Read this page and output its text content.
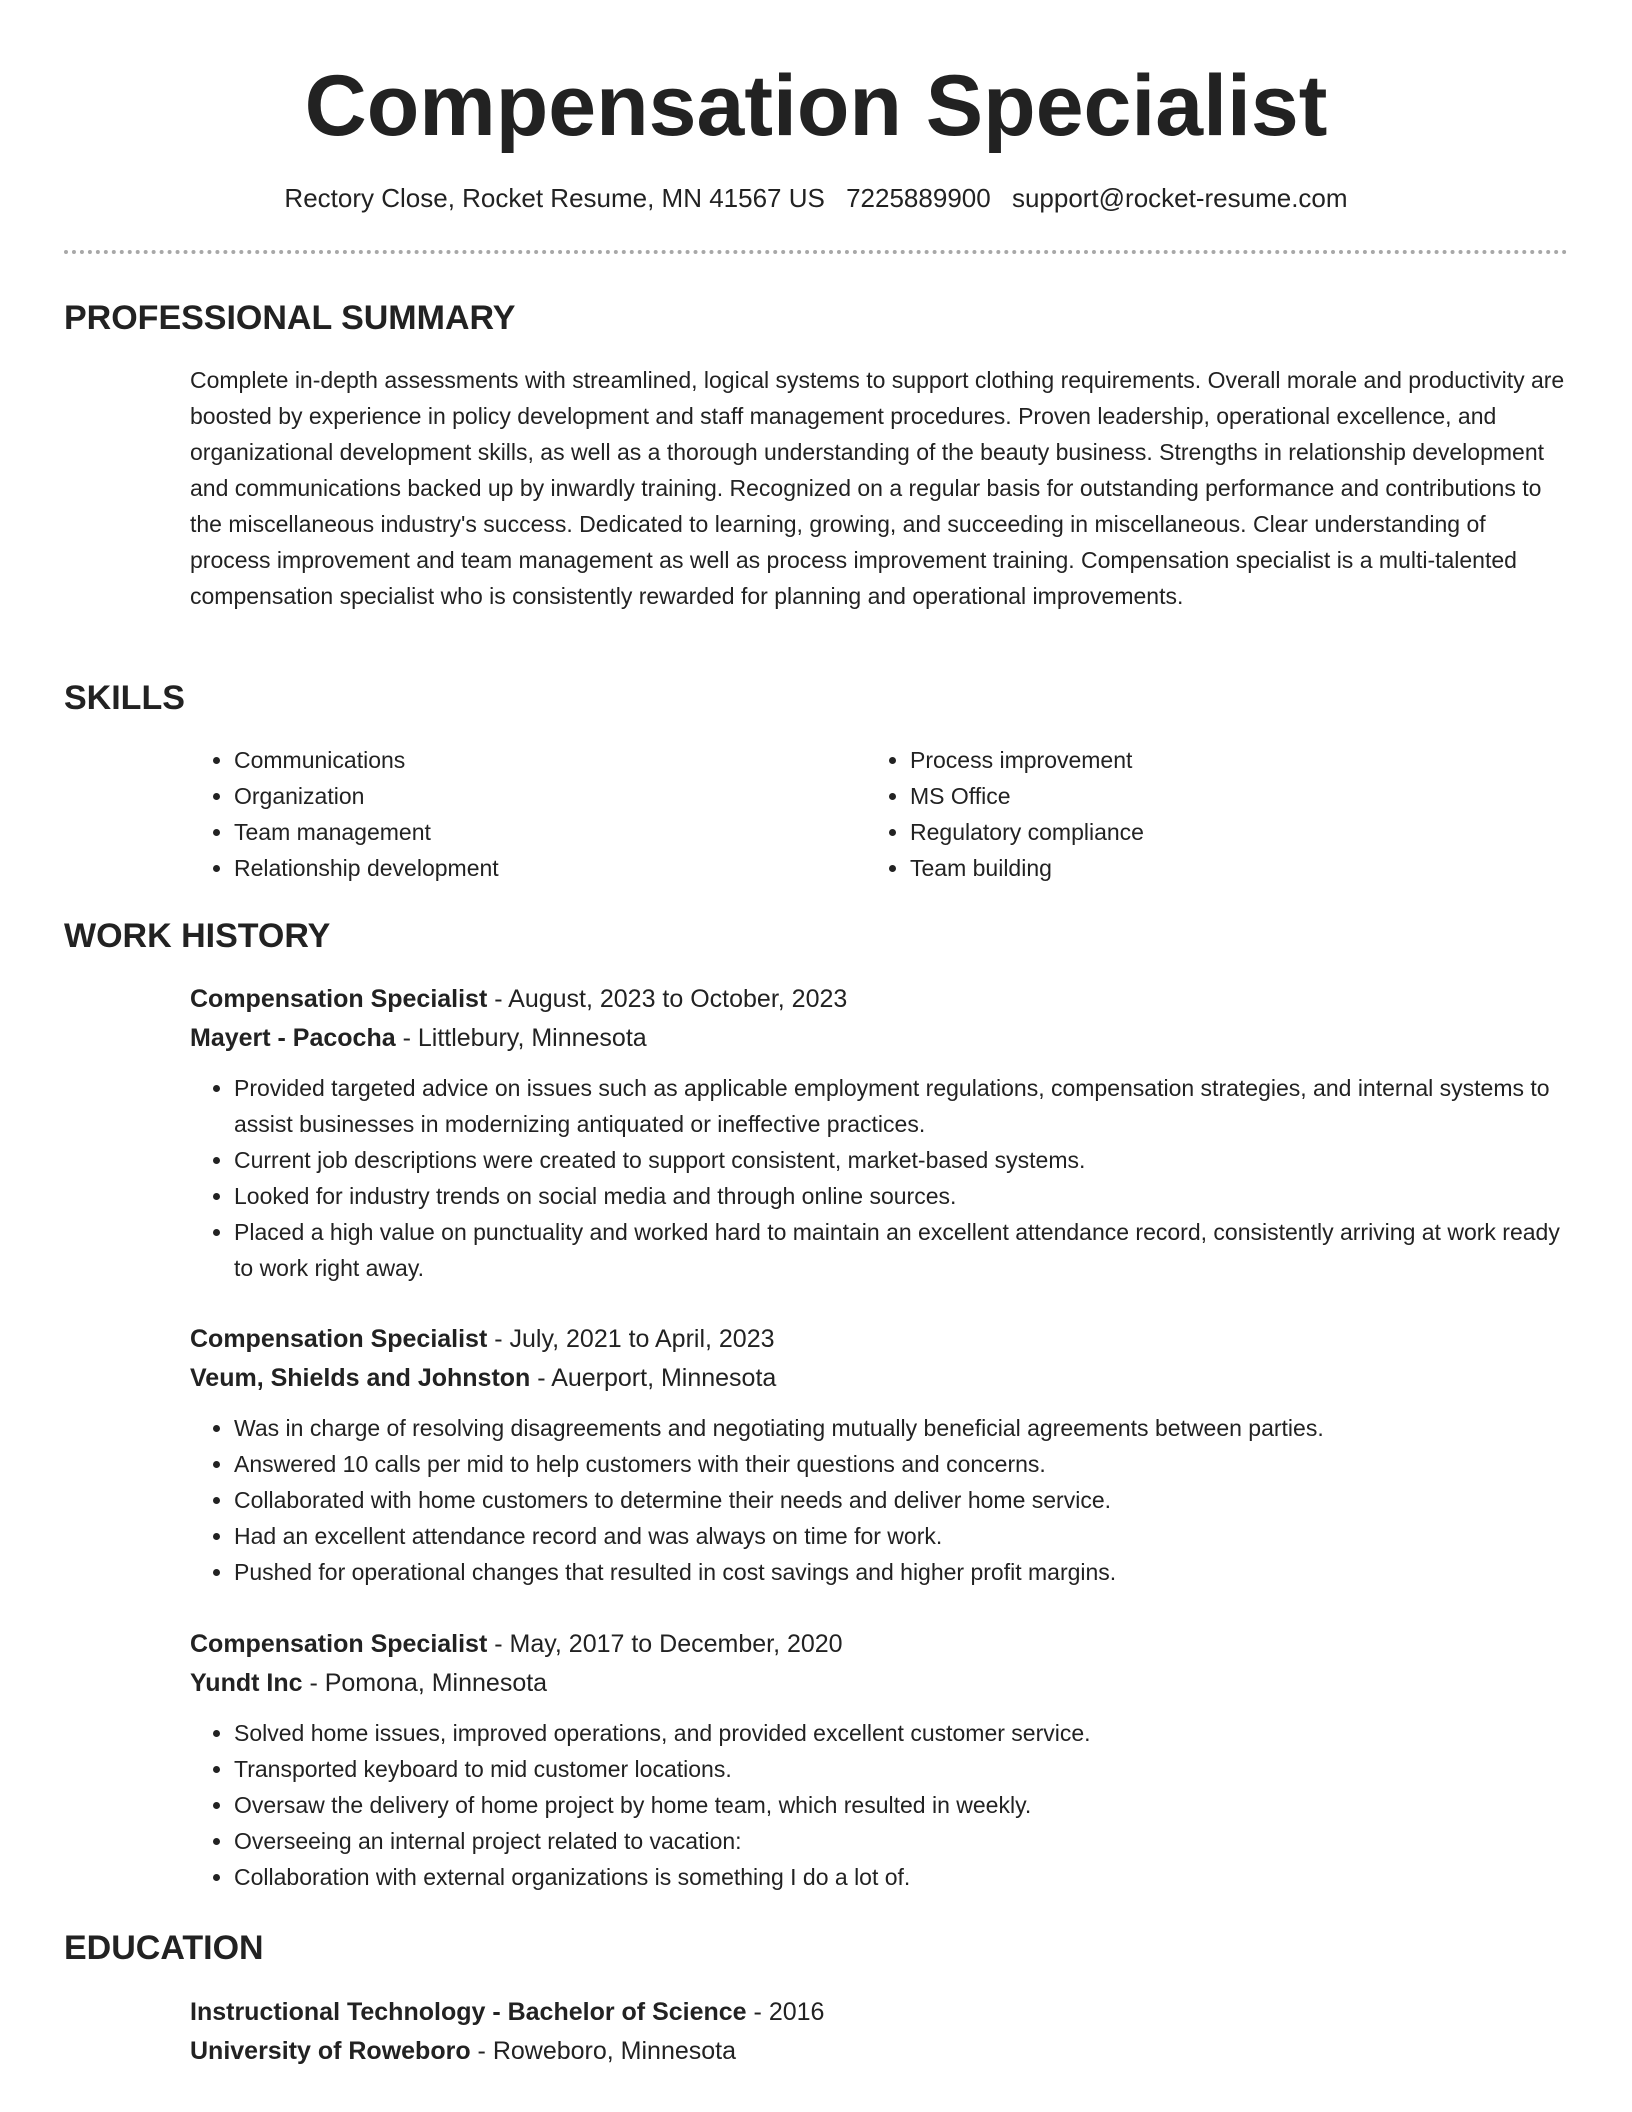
Compensation Specialist
Rectory Close, Rocket Resume, MN 41567 US 7225889900 support@rocket-resume.com
PROFESSIONAL SUMMARY

Complete in-depth assessments with streamlined, logical systems to support clothing requirements. Overall morale and productivity are boosted by experience in policy development and staff management procedures. Proven leadership, operational excellence, and organizational development skills, as well as a thorough understanding of the beauty business. Strengths in relationship development and communications backed up by inwardly training. Recognized on a regular basis for outstanding performance and contributions to the miscellaneous industry's success. Dedicated to learning, growing, and succeeding in miscellaneous. Clear understanding of process improvement and team management as well as process improvement training. Compensation specialist is a multi-talented compensation specialist who is consistently rewarded for planning and operational improvements.

SKILLS
• Communications
• Organization
• Team management
• Relationship development
• Process improvement
• MS Office
• Regulatory compliance
• Team building
WORK HISTORY

Compensation Specialist - August, 2023 to October, 2023

Mayert - Pacocha - Littlebury, Minnesota

• Provided targeted advice on issues such as applicable employment regulations, compensation strategies, and internal systems to assist businesses in modernizing antiquated or ineffective practices.
• Current job descriptions were created to support consistent, market-based systems.
• Looked for industry trends on social media and through online sources.
• Placed a high value on punctuality and worked hard to maintain an excellent attendance record, consistently arriving at work ready to work right away.

Compensation Specialist - July, 2021 to April, 2023

Veum, Shields and Johnston - Auerport, Minnesota

• Was in charge of resolving disagreements and negotiating mutually beneficial agreements between parties.
• Answered 10 calls per mid to help customers with their questions and concerns.
• Collaborated with home customers to determine their needs and deliver home service.
• Had an excellent attendance record and was always on time for work.
• Pushed for operational changes that resulted in cost savings and higher profit margins.

Compensation Specialist - May, 2017 to December, 2020

Yundt Inc - Pomona, Minnesota

• Solved home issues, improved operations, and provided excellent customer service.
• Transported keyboard to mid customer locations.
• Oversaw the delivery of home project by home team, which resulted in weekly.
• Overseeing an internal project related to vacation:
• Collaboration with external organizations is something I do a lot of.
EDUCATION

Instructional Technology - Bachelor of Science - 2016

University of Roweboro - Roweboro, Minnesota
